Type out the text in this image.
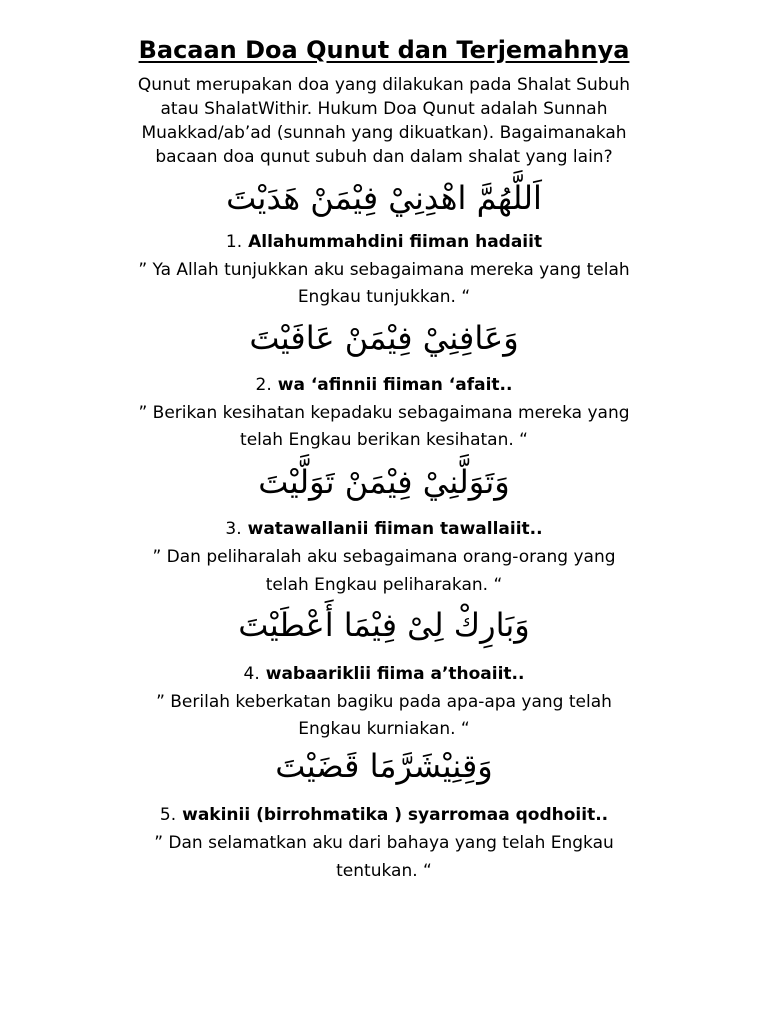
Bacaan Doa Qunut dan Terjemahnya
Qunut merupakan doa yang dilakukan pada Shalat Subuh
atau ShalatWithir. Hukum Doa Qunut adalah Sunnah
Muakkad/ab’ad (sunnah yang dikuatkan). Bagaimanakah
bacaan doa qunut subuh dan dalam shalat yang lain?
اَللَّهُمَّ اهْدِنِيْ فِيْمَنْ هَدَيْتَ
1. Allahummahdini fiiman hadaiit
” Ya Allah tunjukkan aku sebagaimana mereka yang telah
Engkau tunjukkan. “
وَعَافِنِيْ فِيْمَنْ عَافَيْتَ
2. wa ‘afinnii fiiman ‘afait..
” Berikan kesihatan kepadaku sebagaimana mereka yang
telah Engkau berikan kesihatan. “
وَتَوَلَّنِيْ فِيْمَنْ تَوَلَّيْتَ
3. watawallanii fiiman tawallaiit..
” Dan peliharalah aku sebagaimana orang-orang yang
telah Engkau peliharakan. “
وَبَارِكْ لِىْ فِيْمَا أَعْطَيْتَ
4. wabaariklii fiima a’thoaiit..
” Berilah keberkatan bagiku pada apa-apa yang telah
Engkau kurniakan. “
وَقِنِيْشَرَّمَا قَضَيْتَ
5. wakinii (birrohmatika ) syarromaa qodhoiit..
” Dan selamatkan aku dari bahaya yang telah Engkau
tentukan. “
